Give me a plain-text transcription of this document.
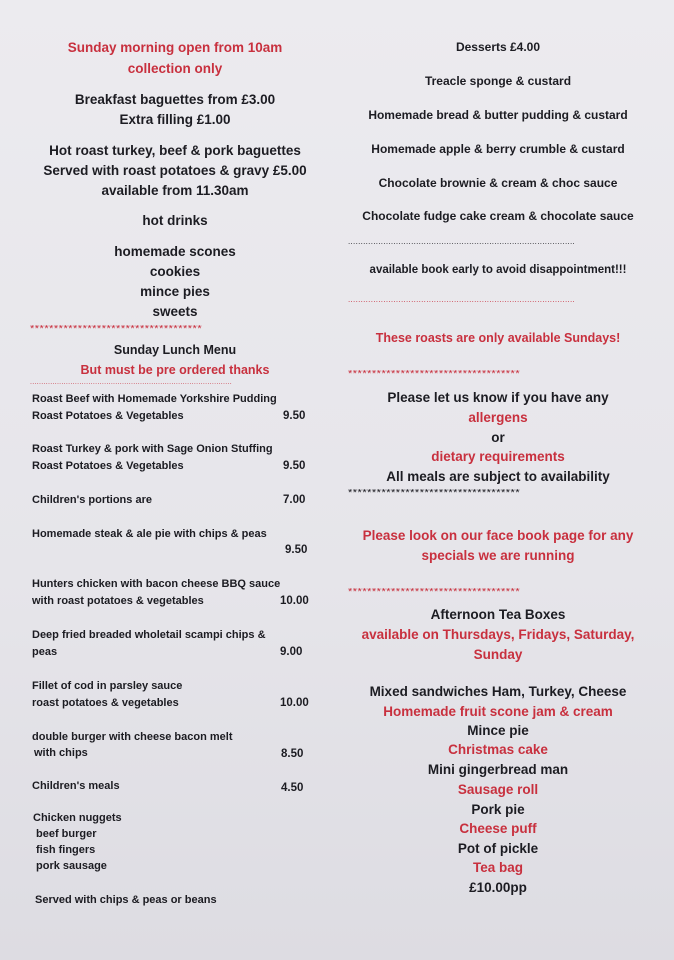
Sunday morning open from 10am
collection only
Breakfast baguettes from £3.00
Extra filling £1.00
Hot roast turkey, beef & pork baguettes
Served with roast potatoes & gravy £5.00
available from 11.30am
hot drinks
homemade scones
cookies
mince pies
sweets
************************************
Sunday Lunch Menu
But must be pre ordered thanks
..........................................................................................
Roast Beef with Homemade Yorkshire Pudding
Roast Potatoes & Vegetables	9.50
Roast Turkey & pork with Sage Onion Stuffing
Roast Potatoes & Vegetables	9.50
Children's portions are	7.00
Homemade steak & ale pie with chips & peas
9.50
Hunters chicken with bacon cheese BBQ sauce
with roast potatoes & vegetables	10.00
Deep fried breaded wholetail scampi chips &
peas	9.00
Fillet of cod in parsley sauce
roast potatoes & vegetables	10.00
double burger with cheese bacon melt
with chips	8.50
Children's meals	4.50
Chicken nuggets
beef burger
fish fingers
pork sausage
Served with chips & peas or beans
Desserts £4.00
Treacle sponge & custard
Homemade bread & butter pudding & custard
Homemade apple & berry crumble & custard
Chocolate brownie & cream & choc sauce
Chocolate fudge cake cream & chocolate sauce
..........................................................................................
available book early to avoid disappointment!!!
..........................................................................................
These roasts are only available Sundays!
************************************
Please let us know if you have any
allergens
or
dietary requirements
All meals are subject to availability
************************************
Please look on our face book page for any
specials we are running
************************************
Afternoon Tea Boxes
available on Thursdays, Fridays, Saturday,
Sunday
Mixed sandwiches Ham, Turkey, Cheese
Homemade fruit scone jam & cream
Mince pie
Christmas cake
Mini gingerbread man
Sausage roll
Pork pie
Cheese puff
Pot of pickle
Tea bag
£10.00pp
